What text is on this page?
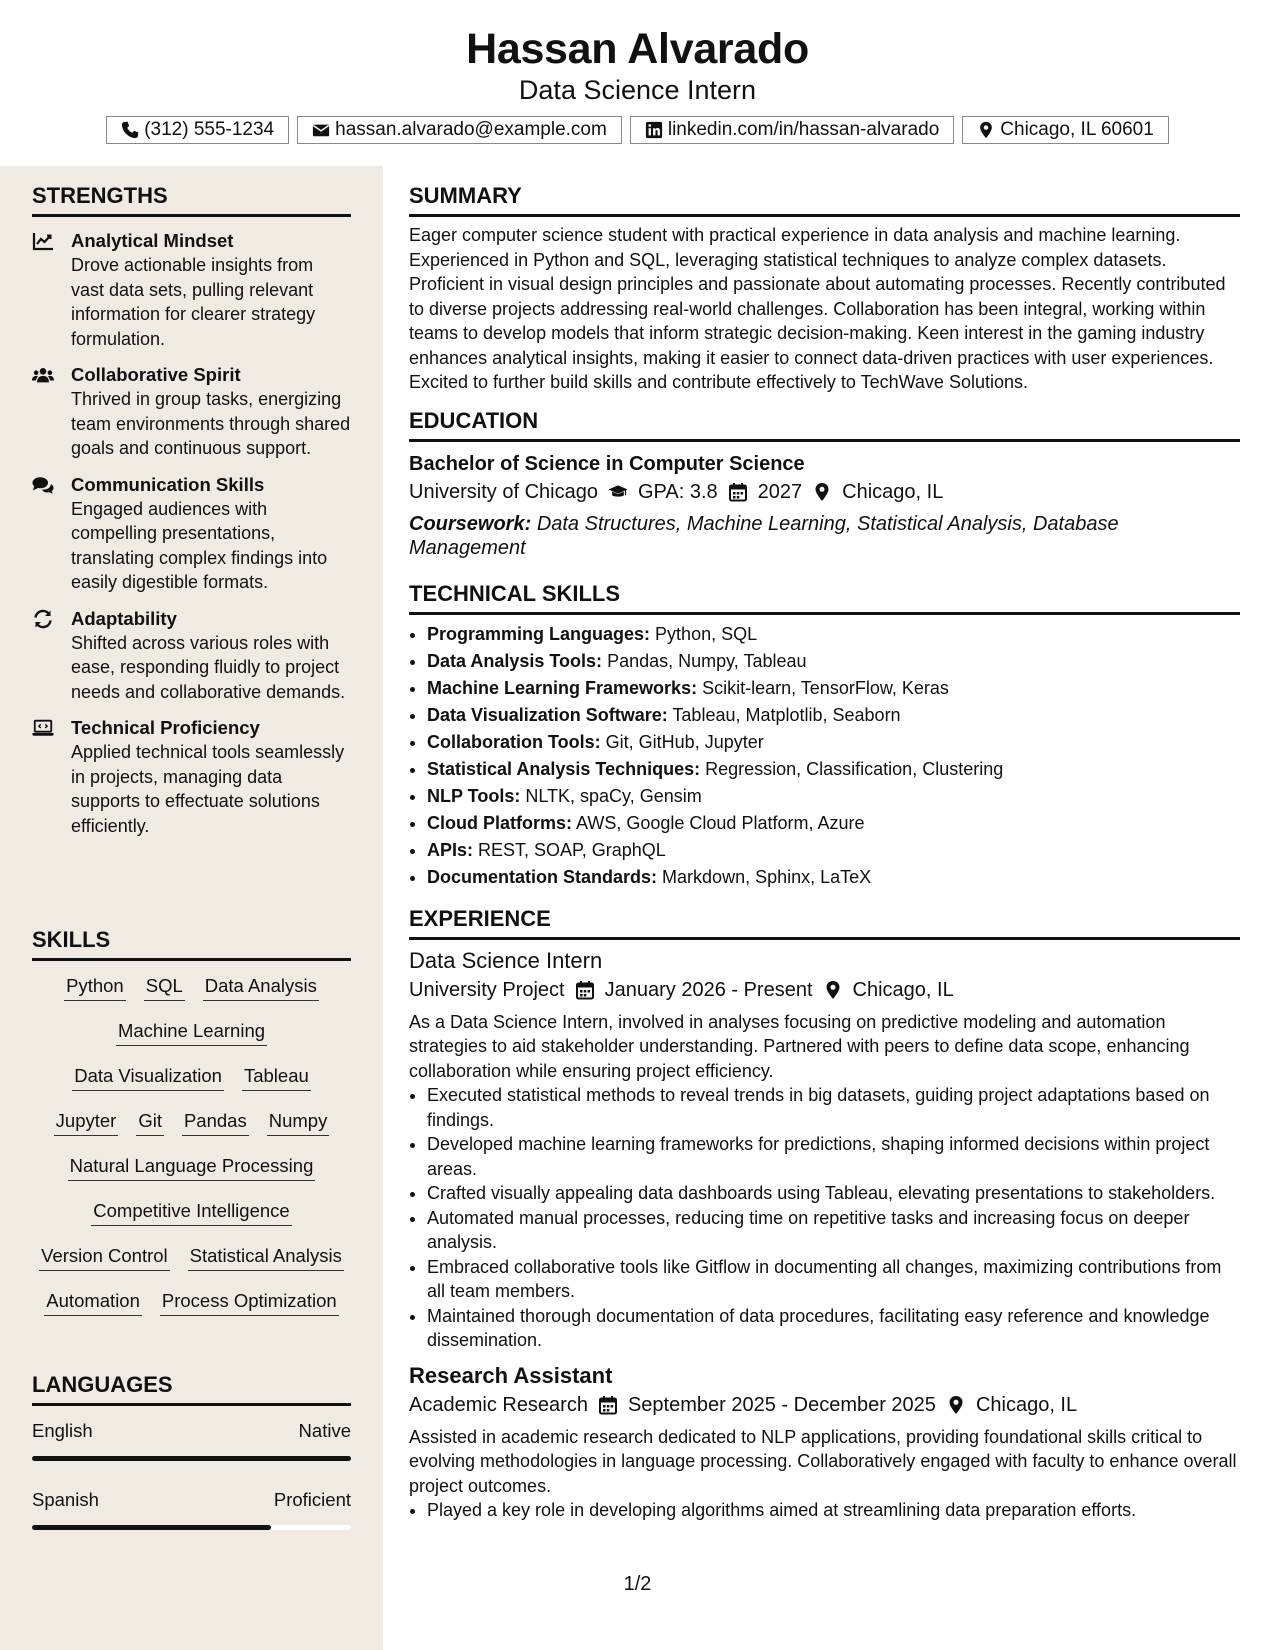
Hassan Alvarado
Data Science Intern
(312) 555-1234	hassan.alvarado@example.com	linkedin.com/in/hassan-alvarado	Chicago, IL 60601
STRENGTHS
Analytical Mindset
Drove actionable insights from vast data sets, pulling relevant information for clearer strategy formulation.
Collaborative Spirit
Thrived in group tasks, energizing team environments through shared goals and continuous support.
Communication Skills
Engaged audiences with compelling presentations, translating complex findings into easily digestible formats.
Adaptability
Shifted across various roles with ease, responding fluidly to project needs and collaborative demands.
Technical Proficiency
Applied technical tools seamlessly in projects, managing data supports to effectuate solutions efficiently.
SKILLS
Python SQL Data Analysis
Machine Learning
Data Visualization Tableau
Jupyter Git Pandas Numpy
Natural Language Processing
Competitive Intelligence
Version Control Statistical Analysis
Automation Process Optimization
LANGUAGES
English	Native
Spanish	Proficient
SUMMARY
Eager computer science student with practical experience in data analysis and machine learning. Experienced in Python and SQL, leveraging statistical techniques to analyze complex datasets. Proficient in visual design principles and passionate about automating processes. Recently contributed to diverse projects addressing real-world challenges. Collaboration has been integral, working within teams to develop models that inform strategic decision-making. Keen interest in the gaming industry enhances analytical insights, making it easier to connect data-driven practices with user experiences. Excited to further build skills and contribute effectively to TechWave Solutions.
EDUCATION
Bachelor of Science in Computer Science
University of Chicago GPA: 3.8 2027 Chicago, IL
Coursework: Data Structures, Machine Learning, Statistical Analysis, Database Management
TECHNICAL SKILLS
• Programming Languages: Python, SQL
• Data Analysis Tools: Pandas, Numpy, Tableau
• Machine Learning Frameworks: Scikit-learn, TensorFlow, Keras
• Data Visualization Software: Tableau, Matplotlib, Seaborn
• Collaboration Tools: Git, GitHub, Jupyter
• Statistical Analysis Techniques: Regression, Classification, Clustering
• NLP Tools: NLTK, spaCy, Gensim
• Cloud Platforms: AWS, Google Cloud Platform, Azure
• APIs: REST, SOAP, GraphQL
• Documentation Standards: Markdown, Sphinx, LaTeX
EXPERIENCE
Data Science Intern
University Project January 2026 - Present Chicago, IL
As a Data Science Intern, involved in analyses focusing on predictive modeling and automation strategies to aid stakeholder understanding. Partnered with peers to define data scope, enhancing collaboration while ensuring project efficiency.
• Executed statistical methods to reveal trends in big datasets, guiding project adaptations based on findings.
• Developed machine learning frameworks for predictions, shaping informed decisions within project areas.
• Crafted visually appealing data dashboards using Tableau, elevating presentations to stakeholders.
• Automated manual processes, reducing time on repetitive tasks and increasing focus on deeper analysis.
• Embraced collaborative tools like Gitflow in documenting all changes, maximizing contributions from all team members.
• Maintained thorough documentation of data procedures, facilitating easy reference and knowledge dissemination.
Research Assistant
Academic Research September 2025 - December 2025 Chicago, IL
Assisted in academic research dedicated to NLP applications, providing foundational skills critical to evolving methodologies in language processing. Collaboratively engaged with faculty to enhance overall project outcomes.
• Played a key role in developing algorithms aimed at streamlining data preparation efforts.
1/2
